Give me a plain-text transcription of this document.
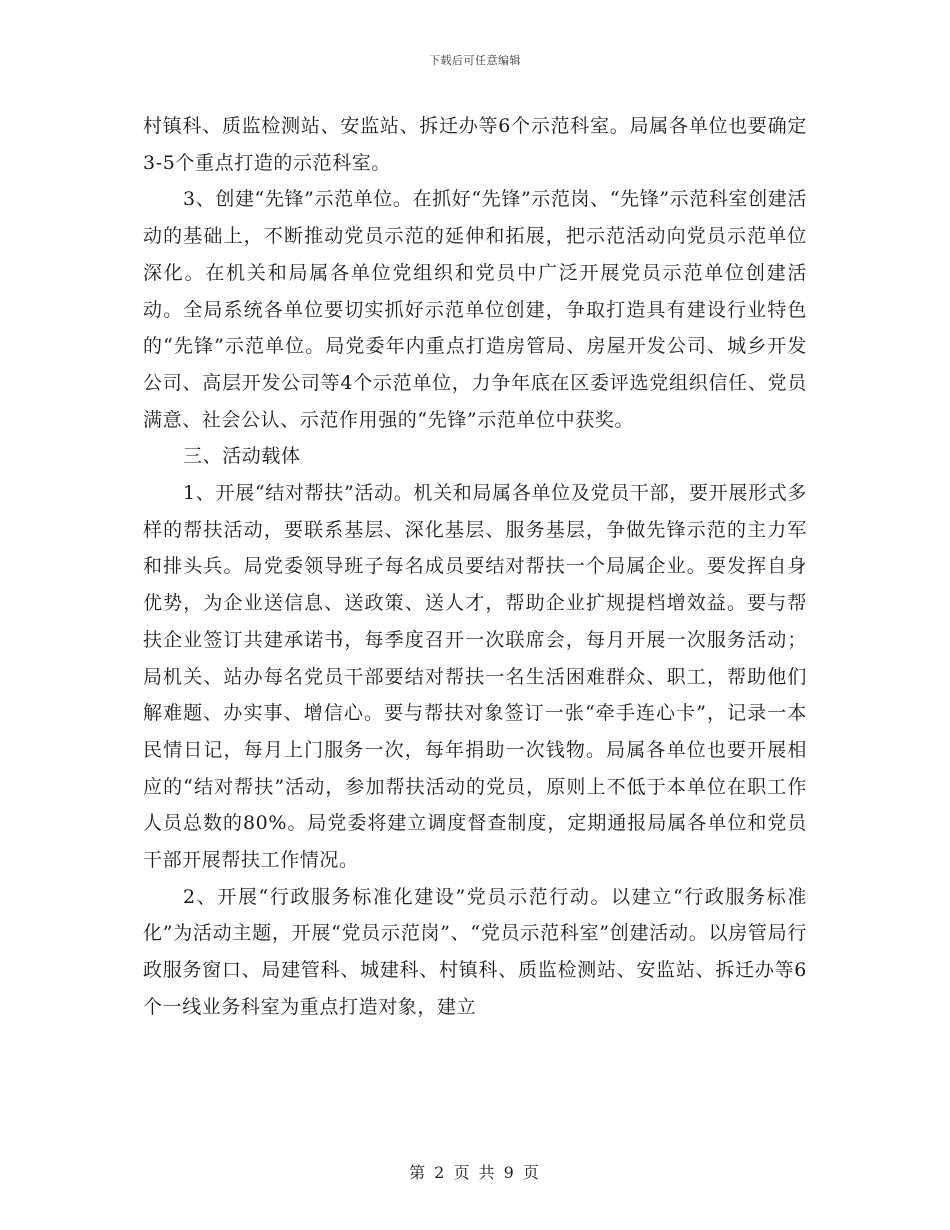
下载后可任意编辑

村镇科、质监检测站、安监站、拆迁办等6个示范科室。局属各单位也要确定3-5个重点打造的示范科室。

3、创建“先锋”示范单位。在抓好“先锋”示范岗、“先锋”示范科室创建活动的基础上，不断推动党员示范的延伸和拓展，把示范活动向党员示范单位深化。在机关和局属各单位党组织和党员中广泛开展党员示范单位创建活动。全局系统各单位要切实抓好示范单位创建，争取打造具有建设行业特色的“先锋”示范单位。局党委年内重点打造房管局、房屋开发公司、城乡开发公司、高层开发公司等4个示范单位，力争年底在区委评选党组织信任、党员满意、社会公认、示范作用强的“先锋”示范单位中获奖。

三、活动载体

1、开展“结对帮扶”活动。机关和局属各单位及党员干部，要开展形式多样的帮扶活动，要联系基层、深化基层、服务基层，争做先锋示范的主力军和排头兵。局党委领导班子每名成员要结对帮扶一个局属企业。要发挥自身优势，为企业送信息、送政策、送人才，帮助企业扩规提档增效益。要与帮扶企业签订共建承诺书，每季度召开一次联席会，每月开展一次服务活动；局机关、站办每名党员干部要结对帮扶一名生活困难群众、职工，帮助他们解难题、办实事、增信心。要与帮扶对象签订一张“牵手连心卡”，记录一本民情日记，每月上门服务一次，每年捐助一次钱物。局属各单位也要开展相应的“结对帮扶”活动，参加帮扶活动的党员，原则上不低于本单位在职工作人员总数的80%。局党委将建立调度督查制度，定期通报局属各单位和党员干部开展帮扶工作情况。

2、开展“行政服务标准化建设”党员示范行动。以建立“行政服务标准化”为活动主题，开展“党员示范岗”、“党员示范科室”创建活动。以房管局行政服务窗口、局建管科、城建科、村镇科、质监检测站、安监站、拆迁办等6个一线业务科室为重点打造对象，建立

第 2 页 共 9 页
